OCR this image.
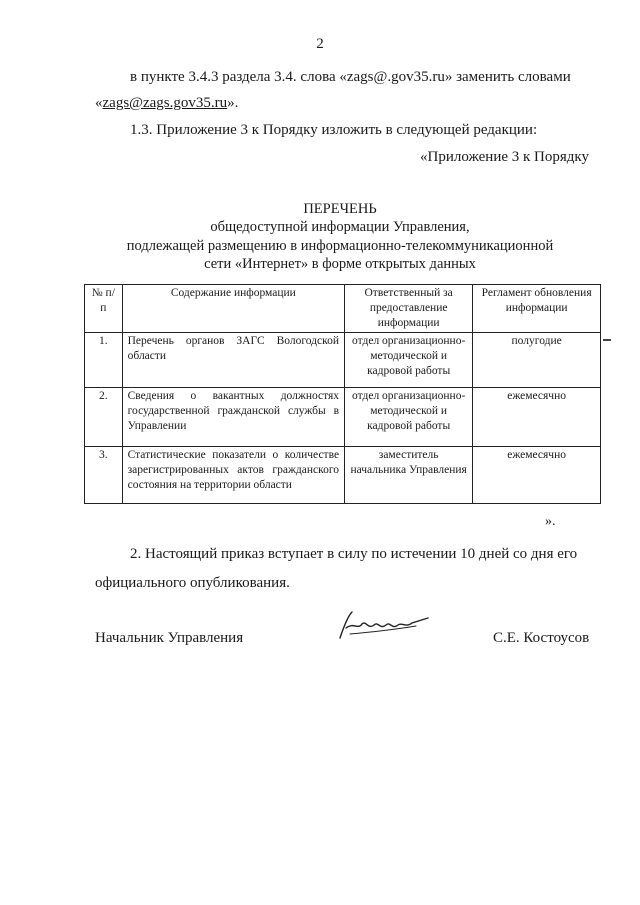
2
в пункте 3.4.3 раздела 3.4. слова «zags@.gov35.ru» заменить словами
«zags@zags.gov35.ru».
1.3. Приложение 3 к Порядку изложить в следующей редакции:
«Приложение 3 к Порядку
ПЕРЕЧЕНЬ
общедоступной информации Управления,
подлежащей размещению в информационно-телекоммуникационной
сети «Интернет» в форме открытых данных
№ п/п	Содержание информации	Ответственный за предоставление информации	Регламент обновления информации
1.	Перечень органов ЗАГС Вологодской области	отдел организационно-методической и кадровой работы	полугодие
2.	Сведения о вакантных должностях государственной гражданской службы в Управлении	отдел организационно-методической и кадровой работы	ежемесячно
3.	Статистические показатели о количестве зарегистрированных актов гражданского состояния на территории области	заместитель начальника Управления	ежемесячно
».
2. Настоящий приказ вступает в силу по истечении 10 дней со дня его
официального опубликования.
Начальник Управления	С.Е. Костоусов
